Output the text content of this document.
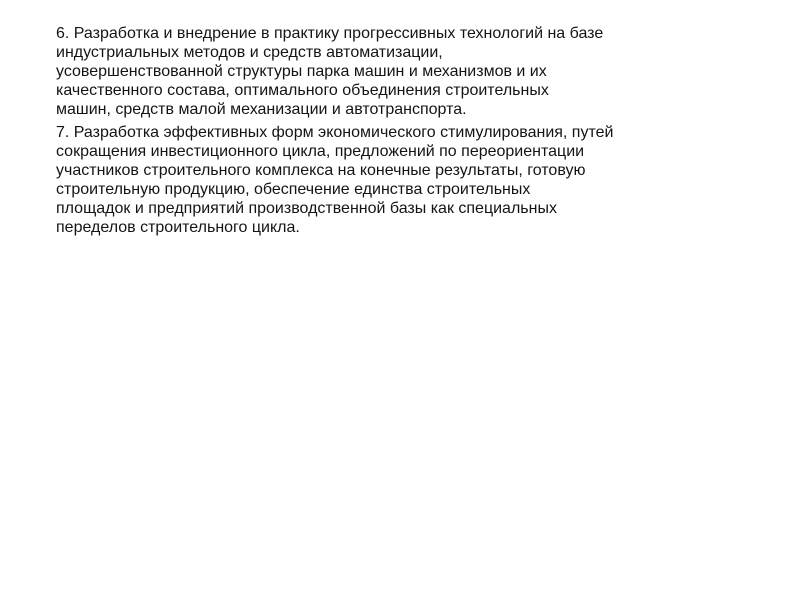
6. Разработка и внедрение в практику прогрессивных технологий на базе
индустриальных методов и средств автоматизации,
усовершенствованной структуры парка машин и механизмов и их
качественного состава, оптимального объединения строительных
машин, средств малой механизации и автотранспорта.
7. Разработка эффективных форм экономического стимулирования, путей
сокращения инвестиционного цикла, предложений по переориентации
участников строительного комплекса на конечные результаты, готовую
строительную продукцию, обеспечение единства строительных
площадок и предприятий производственной базы как специальных
переделов строительного цикла.
